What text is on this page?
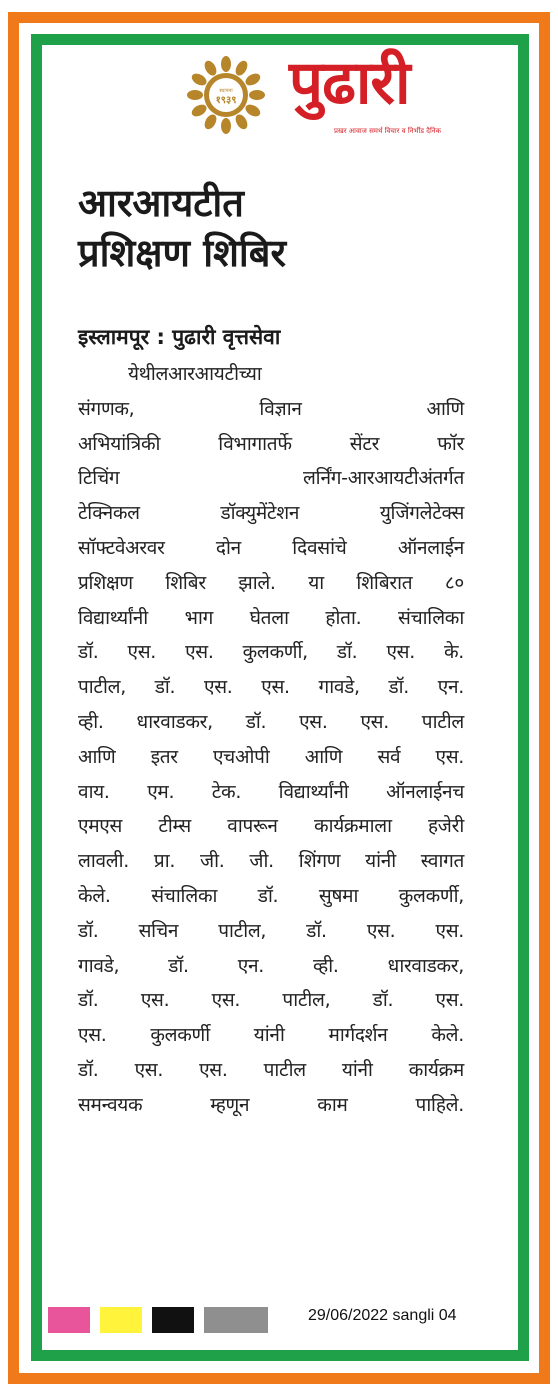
स्थापना
१९३९ पुढारी
प्रखर आवाज समर्थ विचार व निर्भीड दैनिक
आरआयटीत
प्रशिक्षण शिबिर
इस्लामपूर : पुढारी वृत्तसेवा
येथीलआरआयटीच्या
संगणक, विज्ञान आणि
अभियांत्रिकी विभागातर्फे सेंटर फॉर
टिचिंग लर्निंग-आरआयटीअंतर्गत
टेक्निकल डॉक्युमेंटेशन युजिंगलेटेक्स
सॉफ्टवेअरवर दोन दिवसांचे ऑनलाईन
प्रशिक्षण शिबिर झाले. या शिबिरात ८०
विद्यार्थ्यांनी भाग घेतला होता. संचालिका
डॉ. एस. एस. कुलकर्णी, डॉ. एस. के.
पाटील, डॉ. एस. एस. गावडे, डॉ. एन.
व्ही. धारवाडकर, डॉ. एस. एस. पाटील
आणि इतर एचओपी आणि सर्व एस.
वाय. एम. टेक. विद्यार्थ्यांनी ऑनलाईनच
एमएस टीम्स वापरून कार्यक्रमाला हजेरी
लावली. प्रा. जी. जी. शिंगण यांनी स्वागत
केले. संचालिका डॉ. सुषमा कुलकर्णी,
डॉ. सचिन पाटील, डॉ. एस. एस.
गावडे, डॉ. एन. व्ही. धारवाडकर,
डॉ. एस. एस. पाटील, डॉ. एस.
एस. कुलकर्णी यांनी मार्गदर्शन केले.
डॉ. एस. एस. पाटील यांनी कार्यक्रम
समन्वयक म्हणून काम पाहिले.
29/06/2022 sangli 04
